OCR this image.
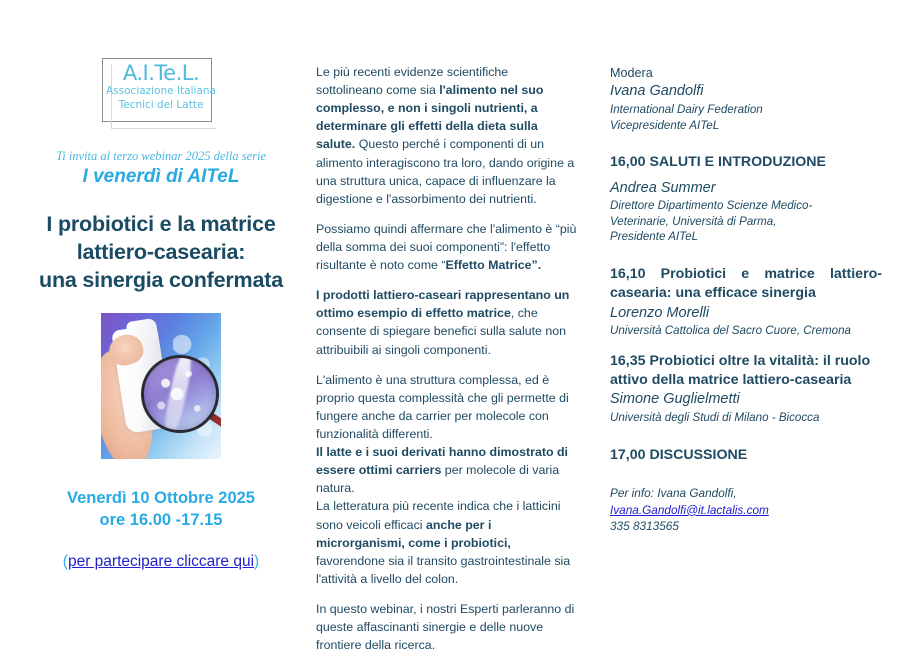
A.I.Te.L.
Associazione Italiana
Tecnici del Latte
Ti invita al terzo webinar 2025 della serie
I venerdì di AITeL
I probiotici e la matrice
lattiero-casearia:
una sinergia confermata
Venerdì 10 Ottobre 2025
ore 16.00 -17.15
(per partecipare cliccare qui)

Le più recenti evidenze scientifiche sottolineano come sia l'alimento nel suo complesso, e non i singoli nutrienti, a determinare gli effetti della dieta sulla salute. Questo perché i componenti di un alimento interagiscono tra loro, dando origine a una struttura unica, capace di influenzare la digestione e l'assorbimento dei nutrienti.

Possiamo quindi affermare che l'alimento è “più della somma dei suoi componenti”: l'effetto risultante è noto come “Effetto Matrice”.

I prodotti lattiero-caseari rappresentano un ottimo esempio di effetto matrice, che consente di spiegare benefici sulla salute non attribuibili ai singoli componenti.

L'alimento è una struttura complessa, ed è proprio questa complessità che gli permette di fungere anche da carrier per molecole con funzionalità differenti.
Il latte e i suoi derivati hanno dimostrato di essere ottimi carriers per molecole di varia natura.
La letteratura più recente indica che i latticini sono veicoli efficaci anche per i microrganismi, come i probiotici, favorendone sia il transito gastrointestinale sia l'attività a livello del colon.

In questo webinar, i nostri Esperti parleranno di queste affascinanti sinergie e delle nuove frontiere della ricerca.

Modera
Ivana Gandolfi
International Dairy Federation
Vicepresidente AITeL
16,00 SALUTI E INTRODUZIONE
Andrea Summer
Direttore Dipartimento Scienze Medico-
Veterinarie, Università di Parma,
Presidente AITeL
16,10 Probiotici e matrice lattiero-casearia: una efficace sinergia
Lorenzo Morelli
Università Cattolica del Sacro Cuore, Cremona
16,35 Probiotici oltre la vitalità: il ruolo attivo della matrice lattiero-casearia
Simone Guglielmetti
Università degli Studi di Milano - Bicocca
17,00 DISCUSSIONE
Per info: Ivana Gandolfi,
Ivana.Gandolfi@it.lactalis.com
335 8313565
